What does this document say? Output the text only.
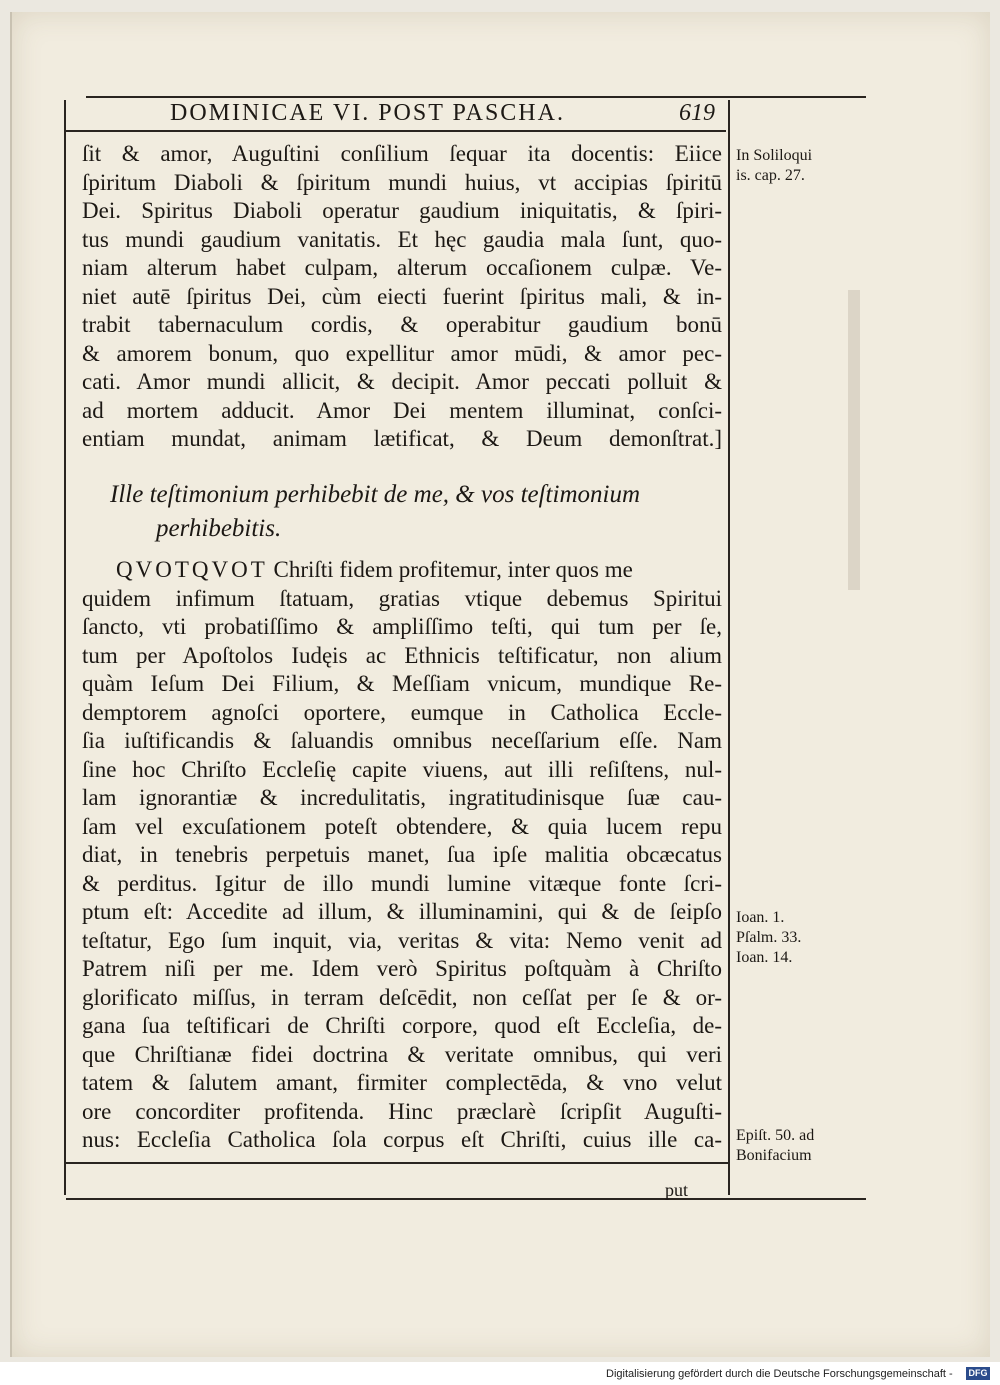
DOMINICAE VI. POST PASCHA.	619
ſit & amor, Auguſtini conſilium ſequar ita docentis: Eiice
ſpiritum Diaboli & ſpiritum mundi huius, vt accipias ſpiritū
Dei. Spiritus Diaboli operatur gaudium iniquitatis, & ſpiri-
tus mundi gaudium vanitatis. Et hęc gaudia mala ſunt, quo-
niam alterum habet culpam, alterum occaſionem culpæ. Ve-
niet autē ſpiritus Dei, cùm eiecti fuerint ſpiritus mali, & in-
trabit tabernaculum cordis, & operabitur gaudium bonū
& amorem bonum, quo expellitur amor mūdi, & amor pec-
cati. Amor mundi allicit, & decipit. Amor peccati polluit &
ad mortem adducit. Amor Dei mentem illuminat, conſci-
entiam mundat, animam lætificat, & Deum demonſtrat.]
Ille teſtimonium perhibebit de me, & vos teſtimonium
perhibebitis.
QVOTQVOT Chriſti fidem profitemur, inter quos me
quidem infimum ſtatuam, gratias vtique debemus Spiritui
ſancto, vti probatiſſimo & ampliſſimo teſti, qui tum per ſe,
tum per Apoſtolos Iudęis ac Ethnicis teſtificatur, non alium
quàm Ieſum Dei Filium, & Meſſiam vnicum, mundique Re-
demptorem agnoſci oportere, eumque in Catholica Eccle-
ſia iuſtificandis & ſaluandis omnibus neceſſarium eſſe. Nam
ſine hoc Chriſto Eccleſię capite viuens, aut illi reſiſtens, nul-
lam ignorantiæ & incredulitatis, ingratitudinisque ſuæ cau-
ſam vel excuſationem poteſt obtendere, & quia lucem repu
diat, in tenebris perpetuis manet, ſua ipſe malitia obcæcatus
& perditus. Igitur de illo mundi lumine vitæque fonte ſcri-
ptum eſt: Accedite ad illum, & illuminamini, qui & de ſeipſo
teſtatur, Ego ſum inquit, via, veritas & vita: Nemo venit ad
Patrem niſi per me. Idem verò Spiritus poſtquàm à Chriſto
glorificato miſſus, in terram deſcēdit, non ceſſat per ſe & or-
gana ſua teſtificari de Chriſti corpore, quod eſt Eccleſia, de-
que Chriſtianæ fidei doctrina & veritate omnibus, qui veri
tatem & ſalutem amant, firmiter complectēda, & vno velut
ore concorditer profitenda. Hinc præclarè ſcripſit Auguſti-
nus: Eccleſia Catholica ſola corpus eſt Chriſti, cuius ille ca-
put
In Soliloqui
is. cap. 27.
Ioan. 1.
Pſalm. 33.
Ioan. 14.
Epiſt. 50. ad
Bonifacium
Digitalisierung gefördert durch die Deutsche Forschungsgemeinschaft - DFG
